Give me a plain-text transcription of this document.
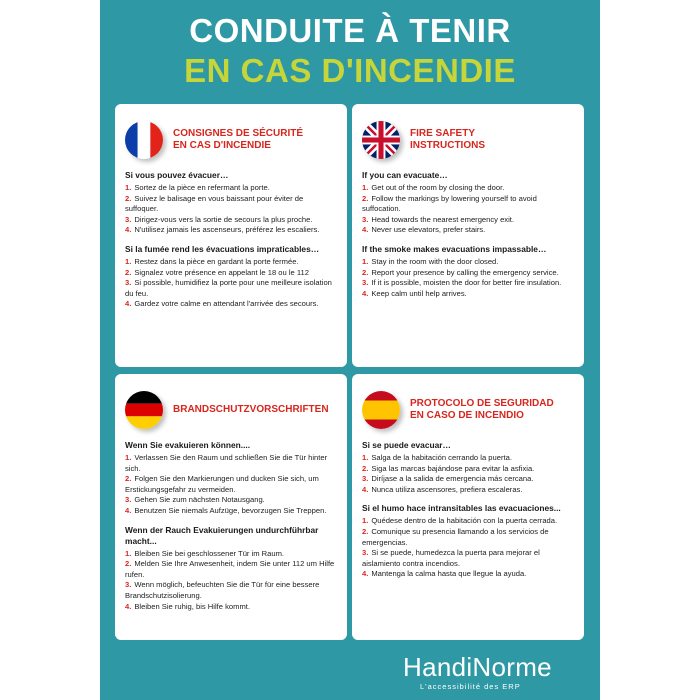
CONDUITE À TENIR
EN CAS D'INCENDIE
CONSIGNES DE SÉCURITÉ
EN CAS D'INCENDIE
Si vous pouvez évacuer…
1. Sortez de la pièce en refermant la porte.
2. Suivez le balisage en vous baissant pour éviter de suffoquer.
3. Dirigez-vous vers la sortie de secours la plus proche.
4. N'utilisez jamais les ascenseurs, préférez les escaliers.
Si la fumée rend les évacuations impraticables…
1. Restez dans la pièce en gardant la porte fermée.
2. Signalez votre présence en appelant le 18 ou le 112
3. Si possible, humidifiez la porte pour une meilleure isolation du feu.
4. Gardez votre calme en attendant l'arrivée des secours.
FIRE SAFETY
INSTRUCTIONS
If you can evacuate…
1. Get out of the room by closing the door.
2. Follow the markings by lowering yourself to avoid suffocation.
3. Head towards the nearest emergency exit.
4. Never use elevators, prefer stairs.
If the smoke makes evacuations impassable…
1. Stay in the room with the door closed.
2. Report your presence by calling the emergency service.
3. If it is possible, moisten the door for better fire insulation.
4. Keep calm until help arrives.
BRANDSCHUTZVORSCHRIFTEN
Wenn Sie evakuieren können....
1. Verlassen Sie den Raum und schließen Sie die Tür hinter sich.
2. Folgen Sie den Markierungen und ducken Sie sich, um Erstickungsgefahr zu vermeiden.
3. Gehen Sie zum nächsten Notausgang.
4. Benutzen Sie niemals Aufzüge, bevorzugen Sie Treppen.
Wenn der Rauch Evakuierungen undurchführbar macht...
1. Bleiben Sie bei geschlossener Tür im Raum.
2. Melden Sie Ihre Anwesenheit, indem Sie unter 112 um Hilfe rufen.
3. Wenn möglich, befeuchten Sie die Tür für eine bessere Brandschutzisolierung.
4. Bleiben Sie ruhig, bis Hilfe kommt.
PROTOCOLO DE SEGURIDAD
EN CASO DE INCENDIO
Si se puede evacuar…
1. Salga de la habitación cerrando la puerta.
2. Siga las marcas bajándose para evitar la asfixia.
3. Diríjase a la salida de emergencia más cercana.
4. Nunca utiliza ascensores, prefiera escaleras.
Si el humo hace intransitables las evacuaciones...
1. Quédese dentro de la habitación con la puerta cerrada.
2. Comunique su presencia llamando a los servicios de emergencias.
3. Si se puede, humedezca la puerta para mejorar el aislamiento contra incendios.
4. Mantenga la calma hasta que llegue la ayuda.
HandiNorme
L'accessibilité des ERP
